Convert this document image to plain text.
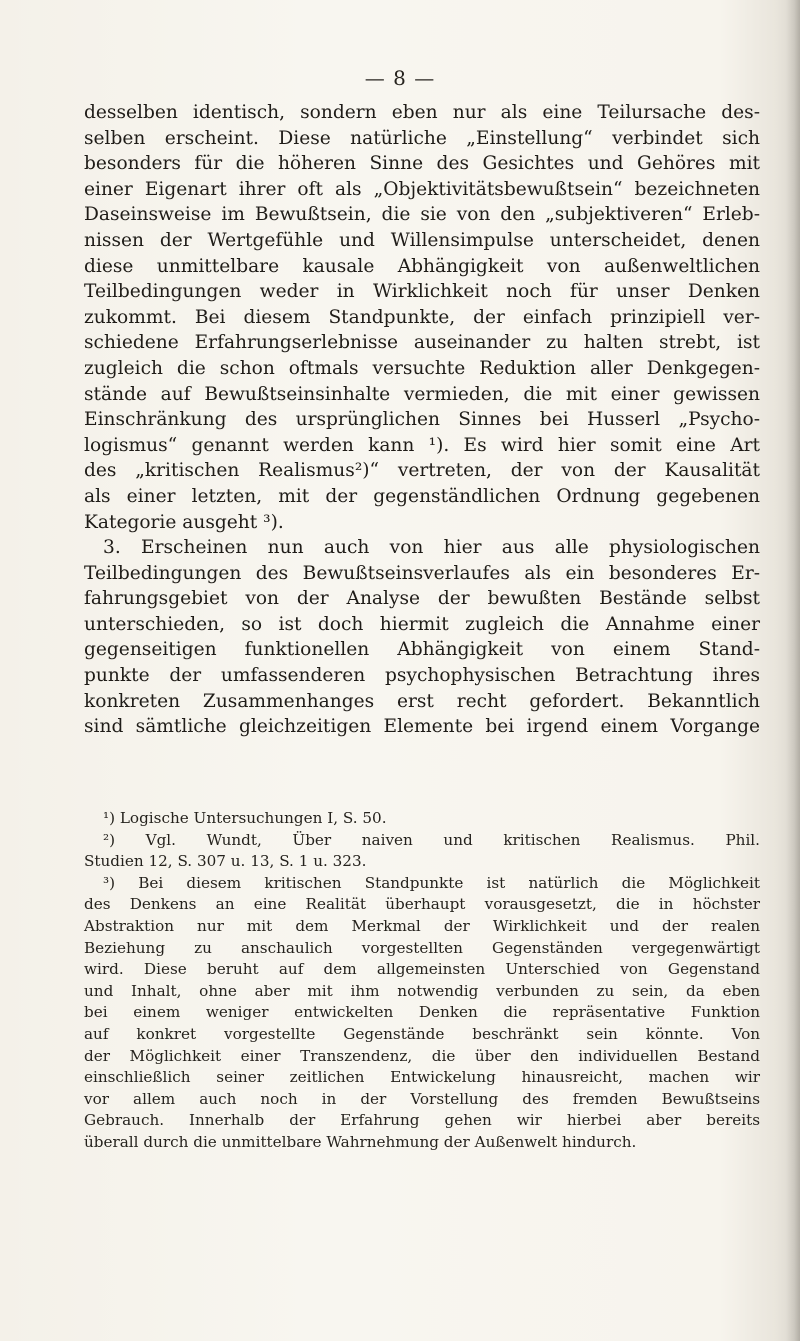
— 8 —
desselben identisch, sondern eben nur als eine Teilursache des-
selben erscheint. Diese natürliche „Einstellung“ verbindet sich
besonders für die höheren Sinne des Gesichtes und Gehöres mit
einer Eigenart ihrer oft als „Objektivitätsbewußtsein“ bezeichneten
Daseinsweise im Bewußtsein, die sie von den „subjektiveren“ Erleb-
nissen der Wertgefühle und Willensimpulse unterscheidet, denen
diese unmittelbare kausale Abhängigkeit von außenweltlichen
Teilbedingungen weder in Wirklichkeit noch für unser Denken
zukommt. Bei diesem Standpunkte, der einfach prinzipiell ver-
schiedene Erfahrungserlebnisse auseinander zu halten strebt, ist
zugleich die schon oftmals versuchte Reduktion aller Denkgegen-
stände auf Bewußtseinsinhalte vermieden, die mit einer gewissen
Einschränkung des ursprünglichen Sinnes bei Husserl „Psycho-
logismus“ genannt werden kann ¹). Es wird hier somit eine Art
des „kritischen Realismus²)“ vertreten, der von der Kausalität
als einer letzten, mit der gegenständlichen Ordnung gegebenen
Kategorie ausgeht ³).
3. Erscheinen nun auch von hier aus alle physiologischen
Teilbedingungen des Bewußtseinsverlaufes als ein besonderes Er-
fahrungsgebiet von der Analyse der bewußten Bestände selbst
unterschieden, so ist doch hiermit zugleich die Annahme einer
gegenseitigen funktionellen Abhängigkeit von einem Stand-
punkte der umfassenderen psychophysischen Betrachtung ihres
konkreten Zusammenhanges erst recht gefordert. Bekanntlich
sind sämtliche gleichzeitigen Elemente bei irgend einem Vorgange
¹) Logische Untersuchungen I, S. 50.
²) Vgl. Wundt, Über naiven und kritischen Realismus. Phil.
Studien 12, S. 307 u. 13, S. 1 u. 323.
³) Bei diesem kritischen Standpunkte ist natürlich die Möglichkeit
des Denkens an eine Realität überhaupt vorausgesetzt, die in höchster
Abstraktion nur mit dem Merkmal der Wirklichkeit und der realen
Beziehung zu anschaulich vorgestellten Gegenständen vergegenwärtigt
wird. Diese beruht auf dem allgemeinsten Unterschied von Gegenstand
und Inhalt, ohne aber mit ihm notwendig verbunden zu sein, da eben
bei einem weniger entwickelten Denken die repräsentative Funktion
auf konkret vorgestellte Gegenstände beschränkt sein könnte. Von
der Möglichkeit einer Transzendenz, die über den individuellen Bestand
einschließlich seiner zeitlichen Entwickelung hinausreicht, machen wir
vor allem auch noch in der Vorstellung des fremden Bewußtseins
Gebrauch. Innerhalb der Erfahrung gehen wir hierbei aber bereits
überall durch die unmittelbare Wahrnehmung der Außenwelt hindurch.
